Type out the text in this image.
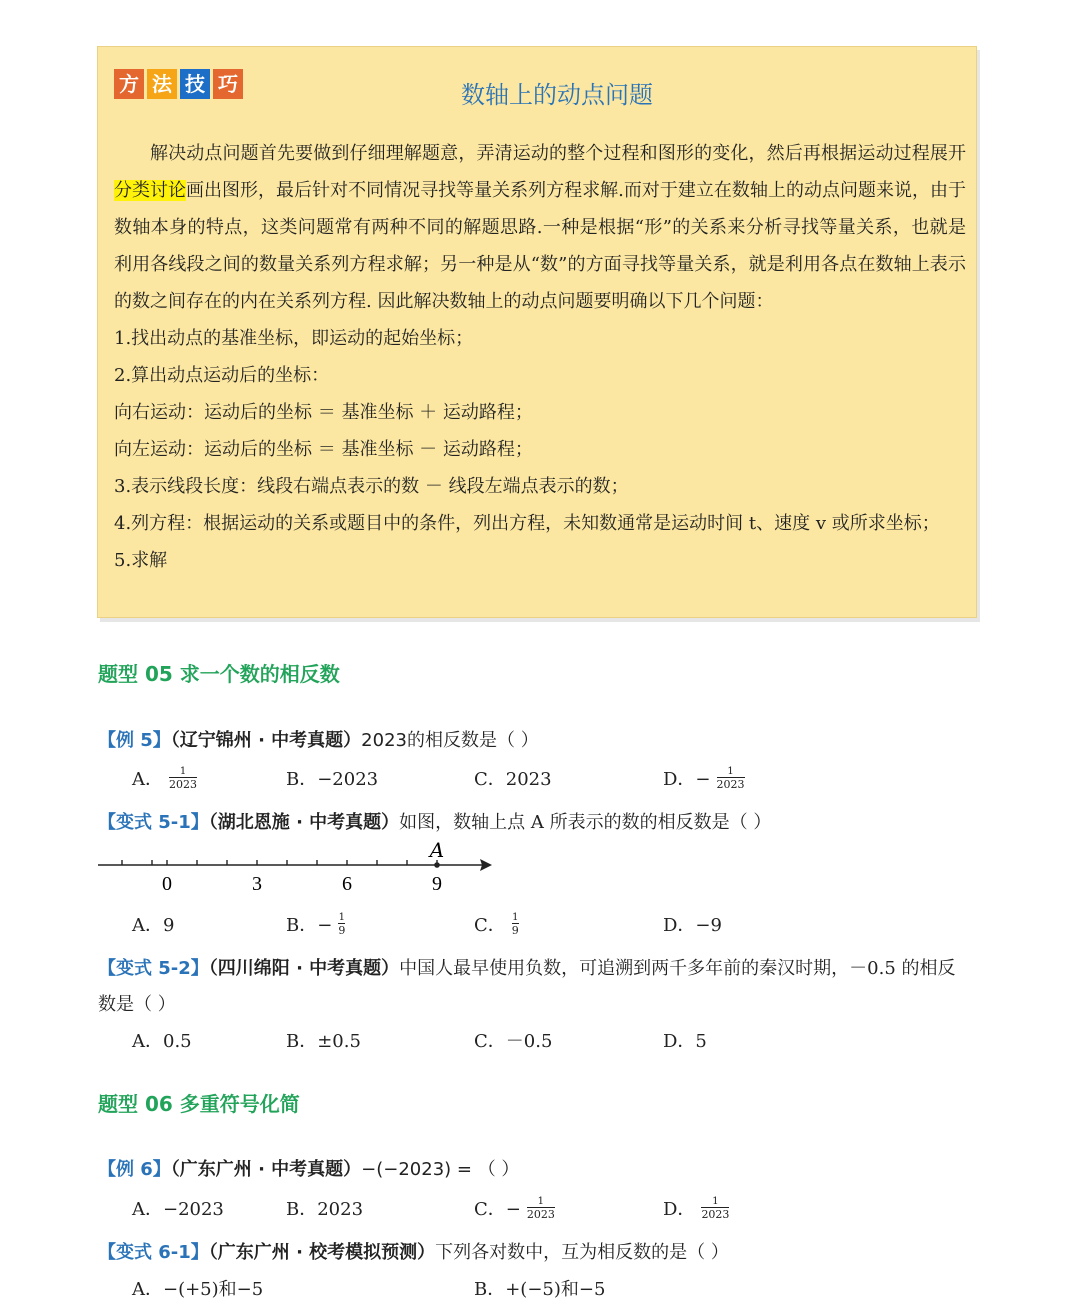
方 法 技 巧	数轴上的动点问题

解决动点问题首先要做到仔细理解题意，弄清运动的整个过程和图形的变化，然后再根据运动过程展开分类讨论画出图形，最后针对不同情况寻找等量关系列方程求解.而对于建立在数轴上的动点问题来说，由于数轴本身的特点，这类问题常有两种不同的解题思路.一种是根据“形”的关系来分析寻找等量关系，也就是利用各线段之间的数量关系列方程求解；另一种是从“数”的方面寻找等量关系，就是利用各点在数轴上表示的数之间存在的内在关系列方程. 因此解决数轴上的动点问题要明确以下几个问题：

1.找出动点的基准坐标，即运动的起始坐标；

2.算出动点运动后的坐标：

向右运动：运动后的坐标 ＝ 基准坐标 ＋ 运动路程；

向左运动：运动后的坐标 ＝ 基准坐标 － 运动路程；

3.表示线段长度：线段右端点表示的数 － 线段左端点表示的数；

4.列方程：根据运动的关系或题目中的条件，列出方程，未知数通常是运动时间 t、速度 v 或所求坐标；

5.求解

题型 05 求一个数的相反数
【例 5】（辽宁锦州 · 中考真题）2023的相反数是（ ）
A． $\frac{1}{2023}$	B．−2023	C．2023	D．− $\frac{1}{2023}$
【变式 5-1】（湖北恩施 · 中考真题）如图，数轴上点 A 所表示的数的相反数是（ ）
A
0	3	6	9
A．9	B．− $\frac{1}{9}$	C． $\frac{1}{9}$	D．−9
【变式 5-2】（四川绵阳 · 中考真题）中国人最早使用负数，可追溯到两千多年前的秦汉时期，－0.5 的相反
数是（ ）
A．0.5	B．±0.5	C．－0.5	D．5
题型 06 多重符号化简
【例 6】（广东广州 · 中考真题）−(−2023) = （ ）
A．−2023	B．2023	C．− $\frac{1}{2023}$	D． $\frac{1}{2023}$
【变式 6-1】（广东广州 · 校考模拟预测）下列各对数中，互为相反数的是（ ）
A．−(+5)和−5	B．+(−5)和−5
